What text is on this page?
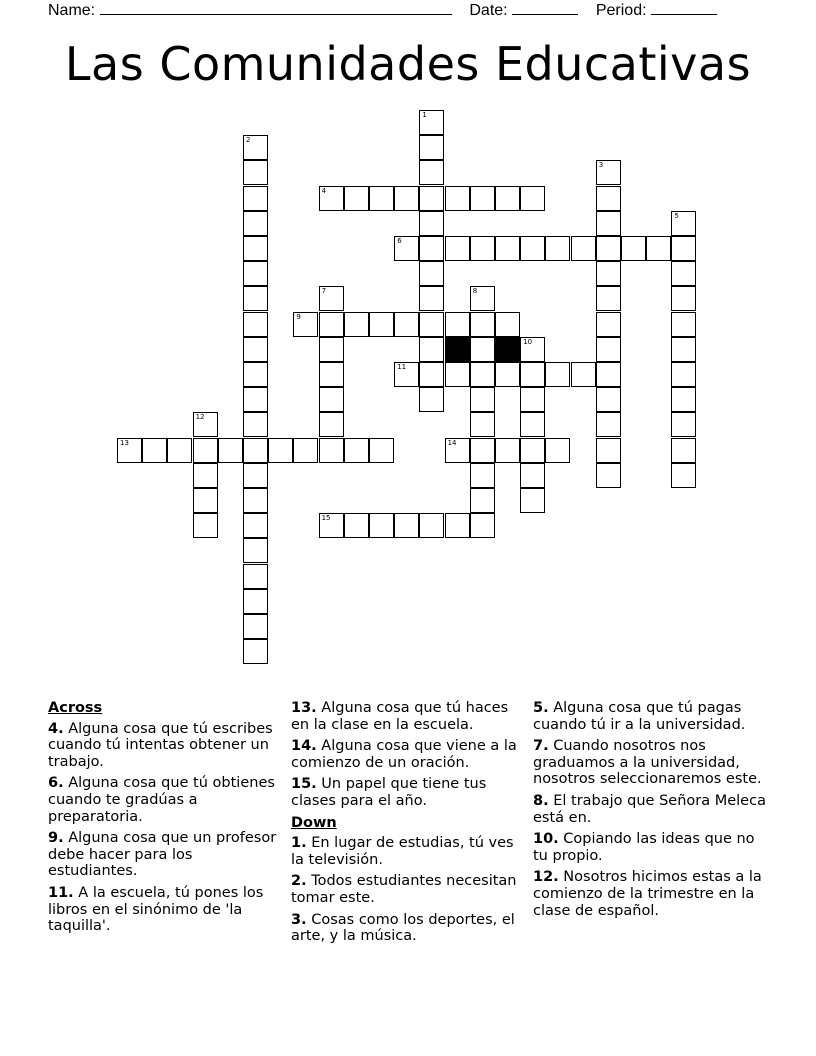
Name:	Date:	Period:
Las Comunidades Educativas
1
2
3
4
5
6
7	8
9
10
11
12
13	14
15
Across
4. Alguna cosa que tú escribes cuando tú intentas obtener un trabajo.
6. Alguna cosa que tú obtienes cuando te gradúas a preparatoria.
9. Alguna cosa que un profesor debe hacer para los estudiantes.
11. A la escuela, tú pones los libros en el sinónimo de 'la taquilla'.
13. Alguna cosa que tú haces en la clase en la escuela.
14. Alguna cosa que viene a la comienzo de un oración.
15. Un papel que tiene tus clases para el año.
Down
1. En lugar de estudias, tú ves la televisión.
2. Todos estudiantes necesitan tomar este.
3. Cosas como los deportes, el arte, y la música.
5. Alguna cosa que tú pagas cuando tú ir a la universidad.
7. Cuando nosotros nos graduamos a la universidad, nosotros seleccionaremos este.
8. El trabajo que Señora Meleca está en.
10. Copiando las ideas que no tu propio.
12. Nosotros hicimos estas a la comienzo de la trimestre en la clase de español.
